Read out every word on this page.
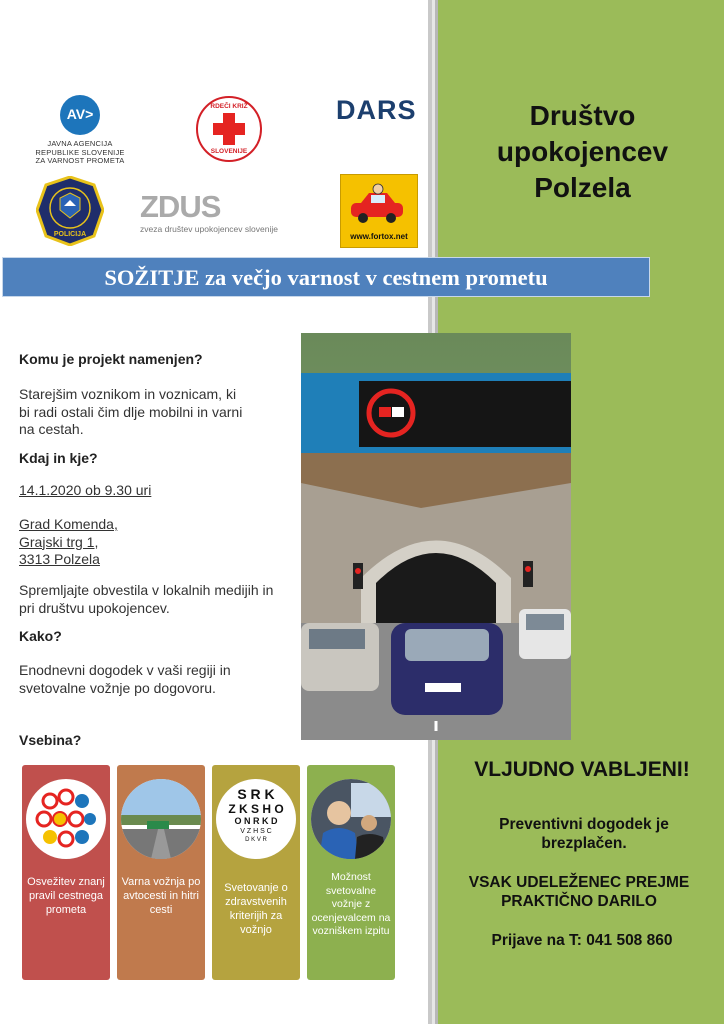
AV>
JAVNA AGENCIJA
REPUBLIKE SLOVENIJE
ZA VARNOST PROMETA
RDEČI KRIŽ
SLOVENIJE
DARS
POLICIJA
ZDUS
zveza društev upokojencev slovenije
www.fortox.net
Društvo
upokojencev
Polzela
SOŽITJE za večjo varnost v cestnem prometu
Komu je projekt namenjen?
Starejšim voznikom in voznicam, ki bi radi ostali čim dlje mobilni in varni na cestah.
Kdaj in kje?
14.1.2020 ob 9.30 uri
Grad Komenda,
Grajski trg 1,
3313 Polzela
Spremljajte obvestila v lokalnih medijih in pri društvu upokojencev.
Kako?
Enodnevni dogodek v vaši regiji in svetovalne vožnje po dogovoru.
Vsebina?
Osvežitev znanj pravil cestnega prometa
Varna vožnja po avtocesti in hitri cesti
S R K
Z K S H O
O N R K D
V Z H S C
D K V R
Svetovanje o zdravstvenih kriterijih za vožnjo
Možnost svetovalne vožnje z ocenjevalcem na vozniškem izpitu
VLJUDNO VABLJENI!
Preventivni dogodek je brezplačen.
VSAK UDELEŽENEC PREJME PRAKTIČNO DARILO
Prijave na T: 041 508 860
